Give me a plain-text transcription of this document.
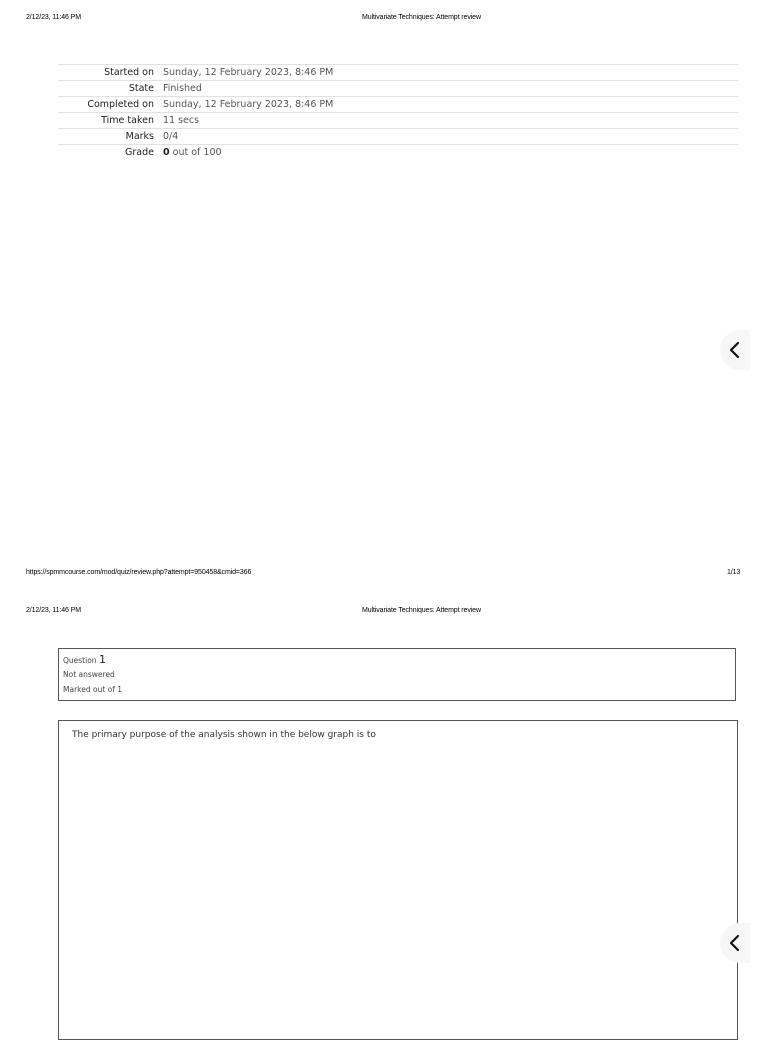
2/12/23, 11:46 PM	Multivariate Techniques: Attempt review
Started on	Sunday, 12 February 2023, 8:46 PM
State	Finished
Completed on	Sunday, 12 February 2023, 8:46 PM
Time taken	11 secs
Marks	0/4
Grade	0 out of 100
https://spmmcourse.com/mod/quiz/review.php?attempt=950458&cmid=366	1/13
2/12/23, 11:46 PM	Multivariate Techniques: Attempt review
Question 1
Not answered
Marked out of 1
The primary purpose of the analysis shown in the below graph is to
